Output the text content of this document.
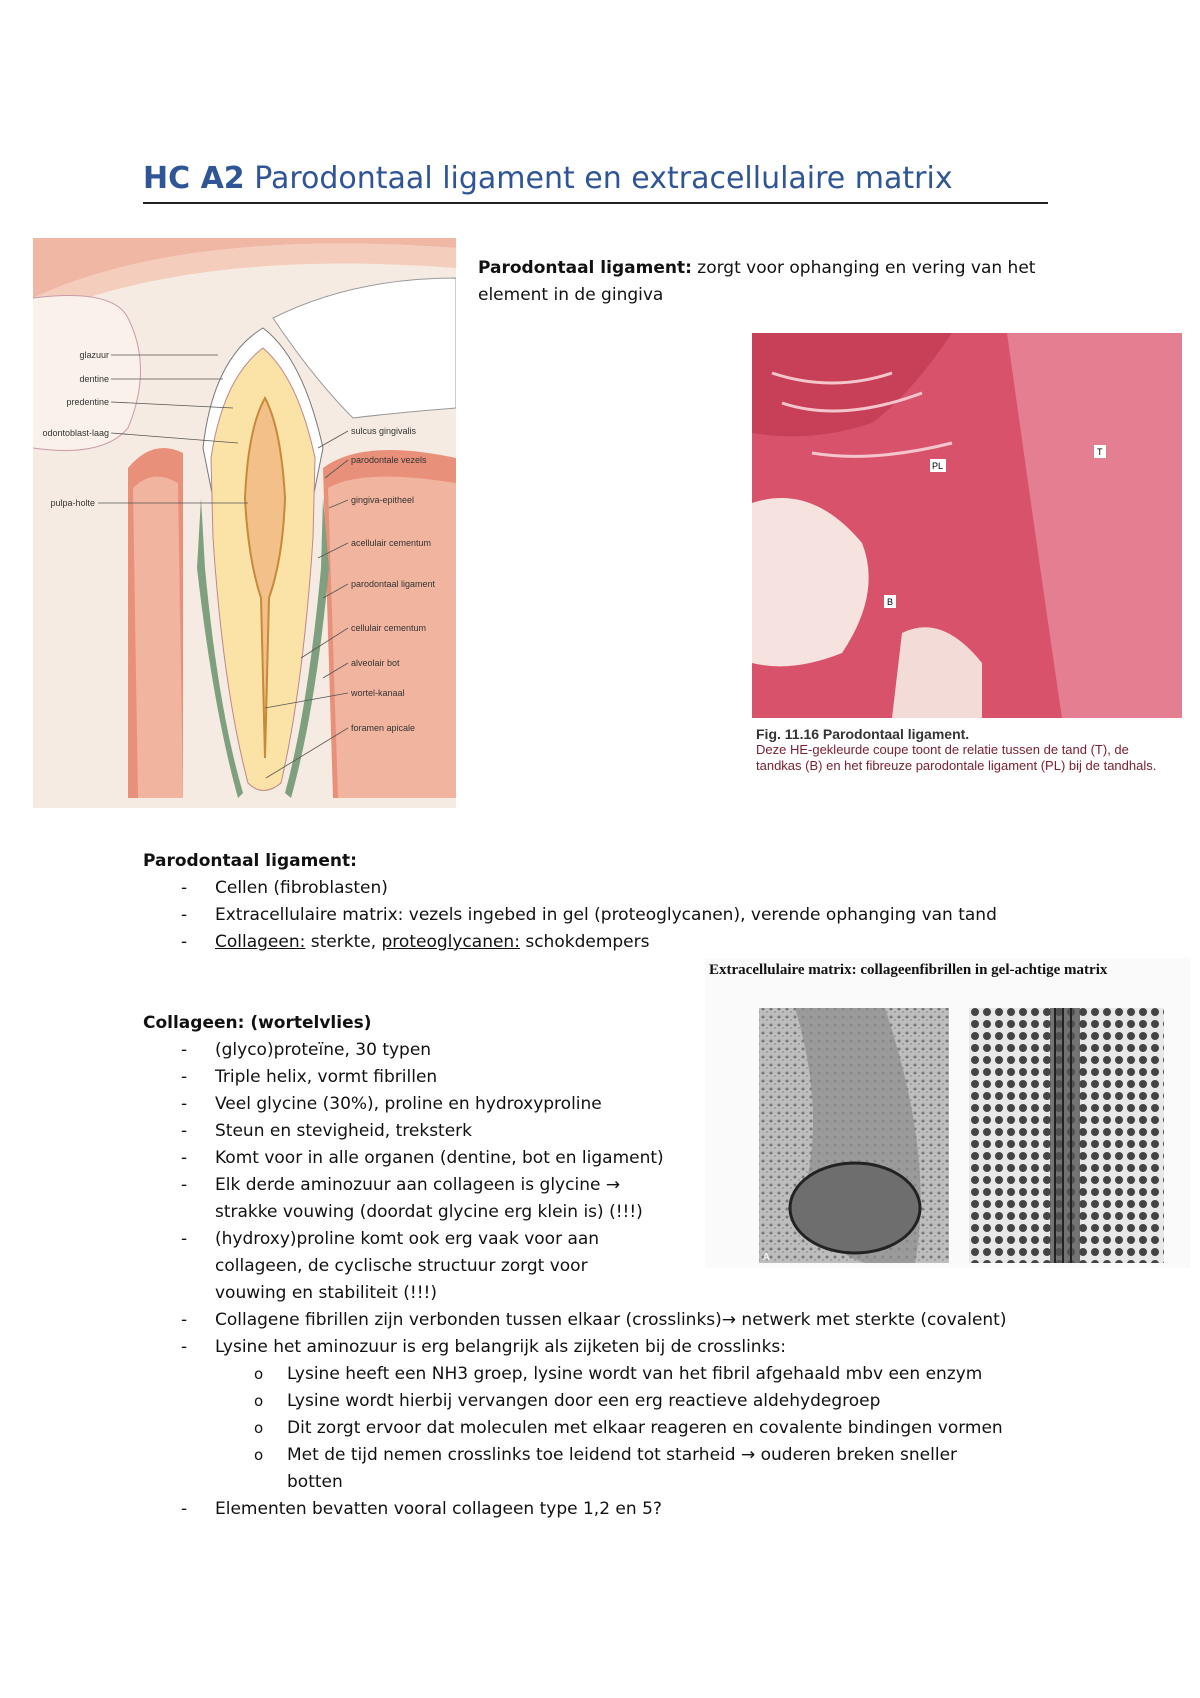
HC A2 Parodontaal ligament en extracellulaire matrix
glazuur
dentine
predentine
odontoblast-laag
pulpa-holte
sulcus gingivalis
parodontale vezels
gingiva-epitheel
acellulair cementum
parodontaal ligament
cellulair cementum
alveolair bot
wortel-kanaal
foramen apicale
Parodontaal ligament: zorgt voor ophanging en vering van het element in de gingiva
PL
T
B
Fig. 11.16 Parodontaal ligament.
Deze HE-gekleurde coupe toont de relatie tussen de tand (T), de tandkas (B) en het fibreuze parodontale ligament (PL) bij de tandhals.
Parodontaal ligament:
- Cellen (fibroblasten)
- Extracellulaire matrix: vezels ingebed in gel (proteoglycanen), verende ophanging van tand
- Collageen: sterkte, proteoglycanen: schokdempers
Extracellulaire matrix: collageenfibrillen in gel-achtige matrix
A
Collageen: (wortelvlies)
- (glyco)proteïne, 30 typen
- Triple helix, vormt fibrillen
- Veel glycine (30%), proline en hydroxyproline
- Steun en stevigheid, treksterk
- Komt voor in alle organen (dentine, bot en ligament)
- Elk derde aminozuur aan collageen is glycine → strakke vouwing (doordat glycine erg klein is) (!!!)
- (hydroxy)proline komt ook erg vaak voor aan collageen, de cyclische structuur zorgt voor vouwing en stabiliteit (!!!)
- Collagene fibrillen zijn verbonden tussen elkaar (crosslinks)→ netwerk met sterkte (covalent)
- Lysine het aminozuur is erg belangrijk als zijketen bij de crosslinks:
o Lysine heeft een NH3 groep, lysine wordt van het fibril afgehaald mbv een enzym
o Lysine wordt hierbij vervangen door een erg reactieve aldehydegroep
o Dit zorgt ervoor dat moleculen met elkaar reageren en covalente bindingen vormen
o Met de tijd nemen crosslinks toe leidend tot starheid → ouderen breken sneller botten
- Elementen bevatten vooral collageen type 1,2 en 5?
